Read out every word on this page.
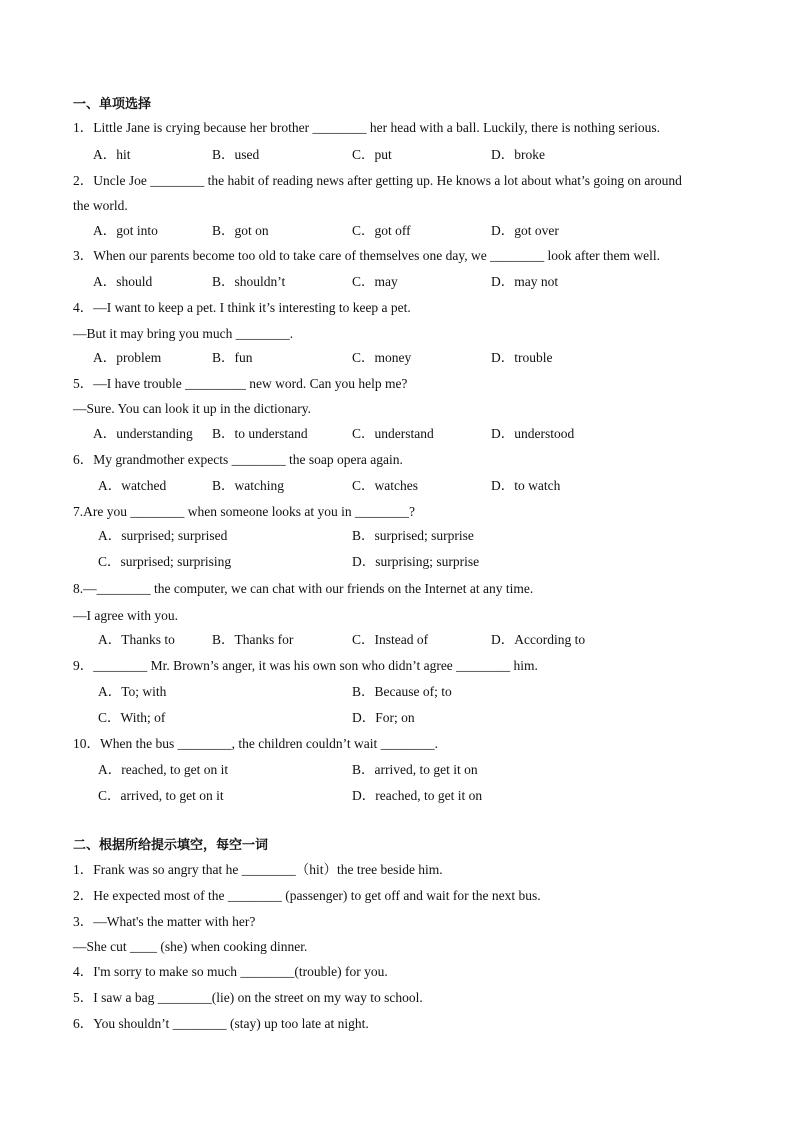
一、单项选择
1．Little Jane is crying because her brother ________ her head with a ball. Luckily, there is nothing serious.
A．hit	B．used	C．put	D．broke
2．Uncle Joe ________ the habit of reading news after getting up. He knows a lot about what’s going on around
the world.
A．got into	B．got on	C．got off	D．got over
3．When our parents become too old to take care of themselves one day, we ________ look after them well.
A．should	B．shouldn’t	C．may	D．may not
4．—I want to keep a pet. I think it’s interesting to keep a pet.
—But it may bring you much ________.
A．problem	B．fun	C．money	D．trouble
5．—I have trouble _________ new word. Can you help me?
—Sure. You can look it up in the dictionary.
A．understanding B．to understand	C．understand	D．understood
6．My grandmother expects ________ the soap opera again.
A．watched	B．watching	C．watches	D．to watch
7.Are you ________ when someone looks at you in ________?
A．surprised; surprised	B．surprised; surprise
C．surprised; surprising	D．surprising; surprise
8.—________ the computer, we can chat with our friends on the Internet at any time.
—I agree with you.
A．Thanks to	B．Thanks for	C．Instead of	D．According to
9．________ Mr. Brown’s anger, it was his own son who didn’t agree ________ him.
A．To; with	B．Because of; to
C．With; of	D．For; on
10．When the bus ________, the children couldn’t wait ________.
A．reached, to get on it	B．arrived, to get it on
C．arrived, to get on it	D．reached, to get it on
二、根据所给提示填空，每空一词
1．Frank was so angry that he ________（hit）the tree beside him.
2．He expected most of the ________ (passenger) to get off and wait for the next bus.
3．—What's the matter with her?
—She cut ____ (she) when cooking dinner.
4．I'm sorry to make so much ________(trouble) for you.
5．I saw a bag ________(lie) on the street on my way to school.
6．You shouldn’t ________ (stay) up too late at night.
